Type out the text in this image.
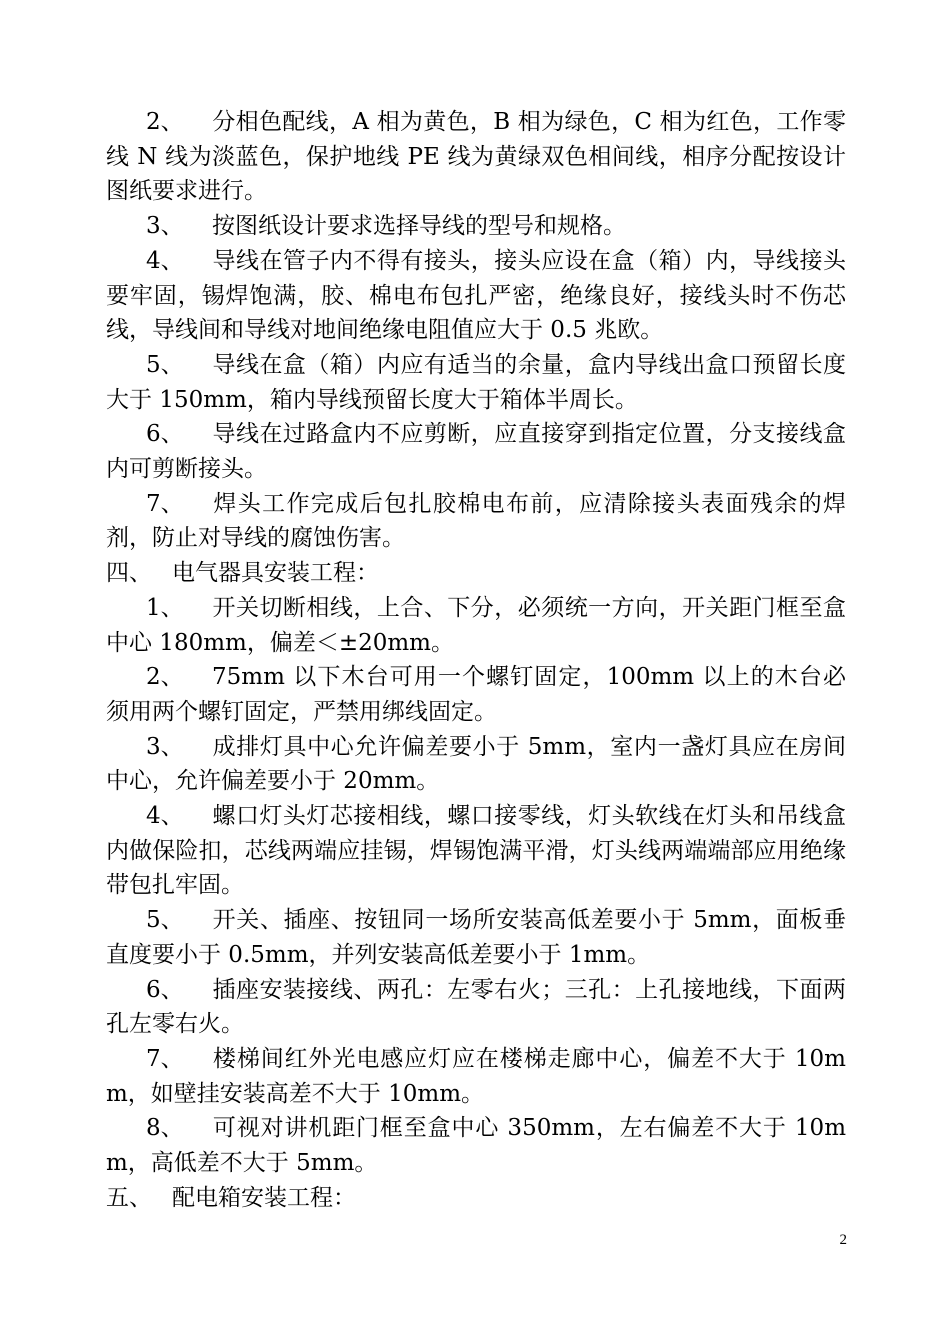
2、 分相色配线，A 相为黄色，B 相为绿色，C 相为红色，工作零线 N 线为淡蓝色，保护地线 PE 线为黄绿双色相间线，相序分配按设计图纸要求进行。

3、 按图纸设计要求选择导线的型号和规格。

4、 导线在管子内不得有接头，接头应设在盒（箱）内，导线接头要牢固，锡焊饱满，胶、棉电布包扎严密，绝缘良好，接线头时不伤芯线，导线间和导线对地间绝缘电阻值应大于 0.5 兆欧。

5、 导线在盒（箱）内应有适当的余量，盒内导线出盒口预留长度大于 150mm，箱内导线预留长度大于箱体半周长。

6、 导线在过路盒内不应剪断，应直接穿到指定位置，分支接线盒内可剪断接头。

7、 焊头工作完成后包扎胶棉电布前，应清除接头表面残余的焊剂，防止对导线的腐蚀伤害。

四、 电气器具安装工程：

1、 开关切断相线，上合、下分，必须统一方向，开关距门框至盒中心 180mm，偏差＜±20mm。

2、 75mm 以下木台可用一个螺钉固定，100mm 以上的木台必须用两个螺钉固定，严禁用绑线固定。

3、 成排灯具中心允许偏差要小于 5mm，室内一盏灯具应在房间中心，允许偏差要小于 20mm。

4、 螺口灯头灯芯接相线，螺口接零线，灯头软线在灯头和吊线盒内做保险扣，芯线两端应挂锡，焊锡饱满平滑，灯头线两端端部应用绝缘带包扎牢固。

5、 开关、插座、按钮同一场所安装高低差要小于 5mm，面板垂直度要小于 0.5mm，并列安装高低差要小于 1mm。

6、 插座安装接线、两孔：左零右火；三孔：上孔接地线，下面两孔左零右火。

7、 楼梯间红外光电感应灯应在楼梯走廊中心，偏差不大于 10mm，如壁挂安装高差不大于 10mm。

8、 可视对讲机距门框至盒中心 350mm，左右偏差不大于 10mm，高低差不大于 5mm。

五、 配电箱安装工程：

2
